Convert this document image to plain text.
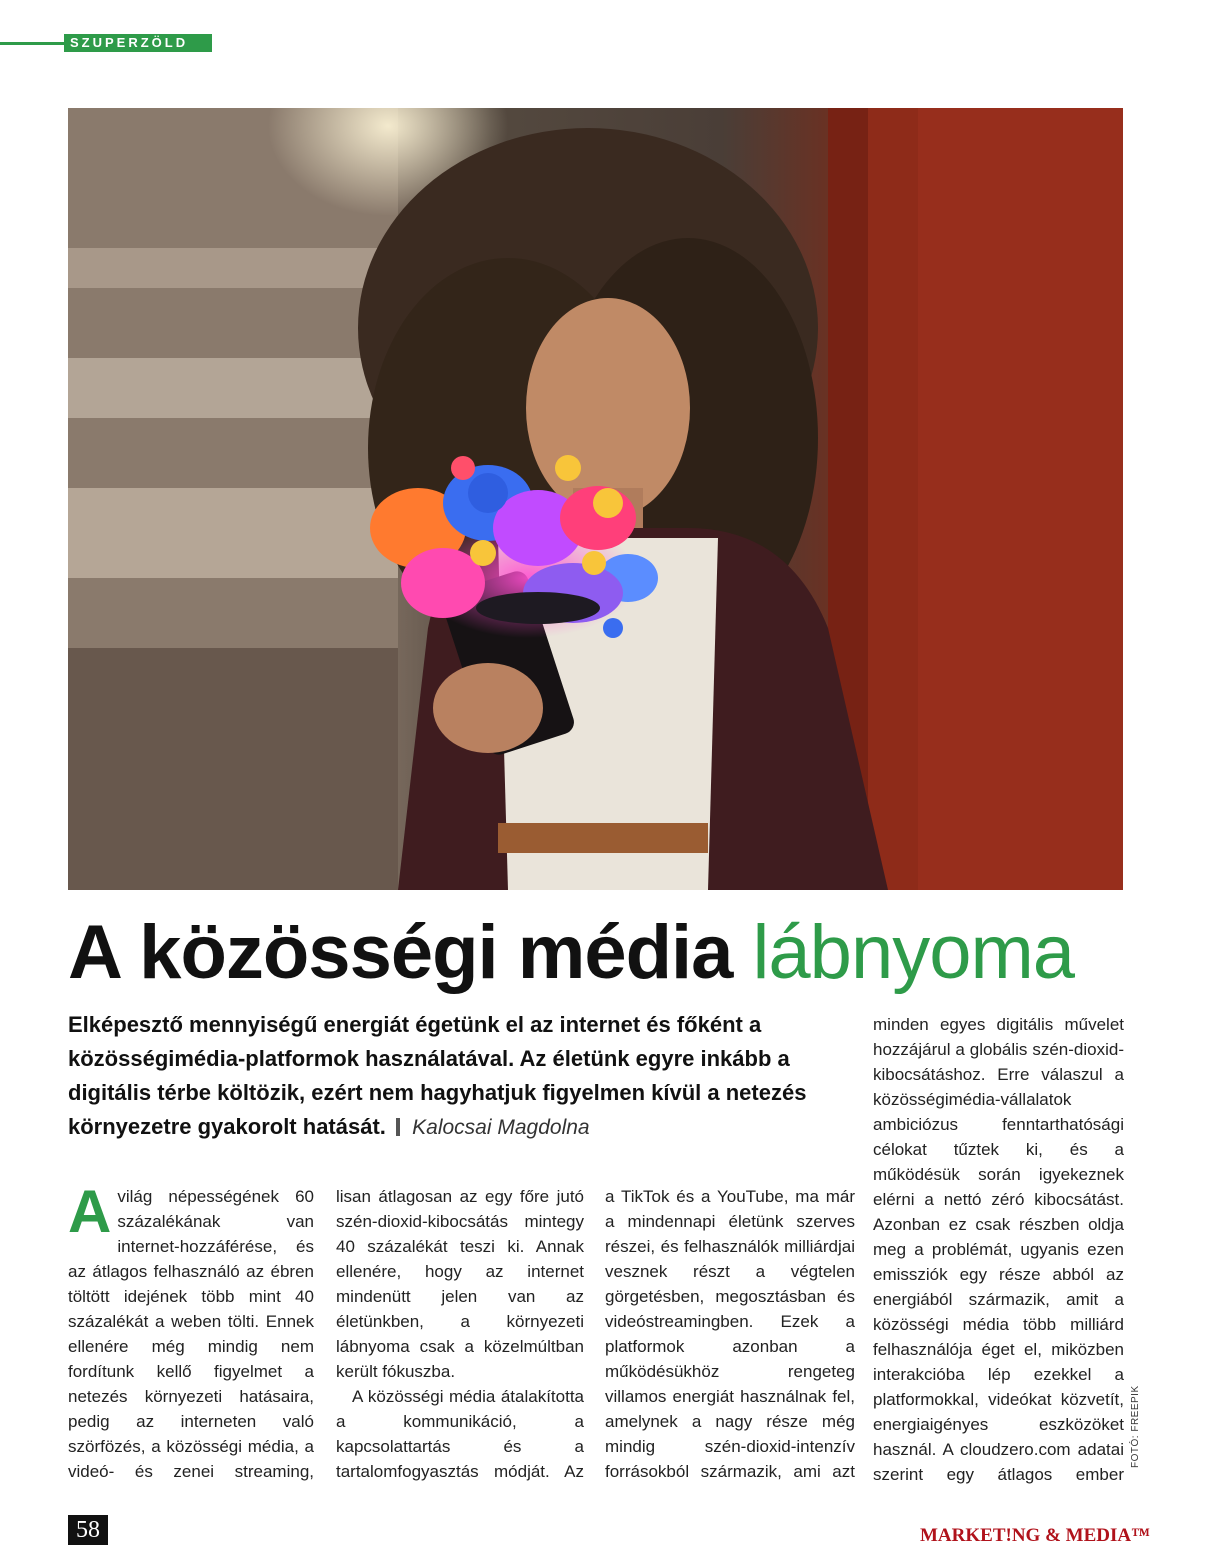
SZUPERZÖLD
A közösségi média lábnyoma
Elképesztő mennyiségű energiát égetünk el az internet és főként a közösségimédia-platformok használatával. Az életünk egyre inkább a digitális térbe költözik, ezért nem hagyhatjuk figyelmen kívül a netezés környezetre gyakorolt hatását. Kalocsai Magdolna

Avilág népességének 60 százalékának van internet-hozzáférése, és az átlagos felhasználó az ébren töltött idejének több mint 40 százalékát a weben tölti. Ennek ellenére még mindig nem fordítunk kellő figyelmet a netezés környezeti hatásaira, pedig az interneten való szörfözés, a közösségi média, a videó- és zenei streaming,

lisan átlagosan az egy főre jutó szén-dioxid-kibocsátás mintegy 40 százalékát teszi ki. Annak ellenére, hogy az internet mindenütt jelen van az életünkben, a környezeti lábnyoma csak a közelmúltban került fókuszba.

A közösségi média átalakította a kommunikáció, a kapcsolattartás és a tartalomfogyasztás módját. Az

a TikTok és a YouTube, ma már a mindennapi életünk szerves részei, és felhasználók milliárdjai vesznek részt a végtelen görgetésben, megosztásban és videóstreamingben. Ezek a platformok azonban a működésükhöz rengeteg villamos energiát használnak fel, amelynek a nagy része még mindig szén-dioxid-intenzív forrásokból származik, ami azt

minden egyes digitális művelet hozzájárul a globális szén-dioxid-kibocsátáshoz. Erre válaszul a közösségimédia-vállalatok ambiciózus fenntarthatósági célokat tűztek ki, és a működésük során igyekeznek elérni a nettó zéró kibocsátást. Azonban ez csak részben oldja meg a problémát, ugyanis ezen emissziók egy része abból az energiából származik, amit a közösségi média több milliárd felhasználója éget el, miközben interakcióba lép ezekkel a platformokkal, videókat közvetít, energiaigényes eszközöket használ. A cloudzero.com adatai szerint egy átlagos ember

FOTÓ: FREEPIK
58	MARKET!NG & MEDIA™
